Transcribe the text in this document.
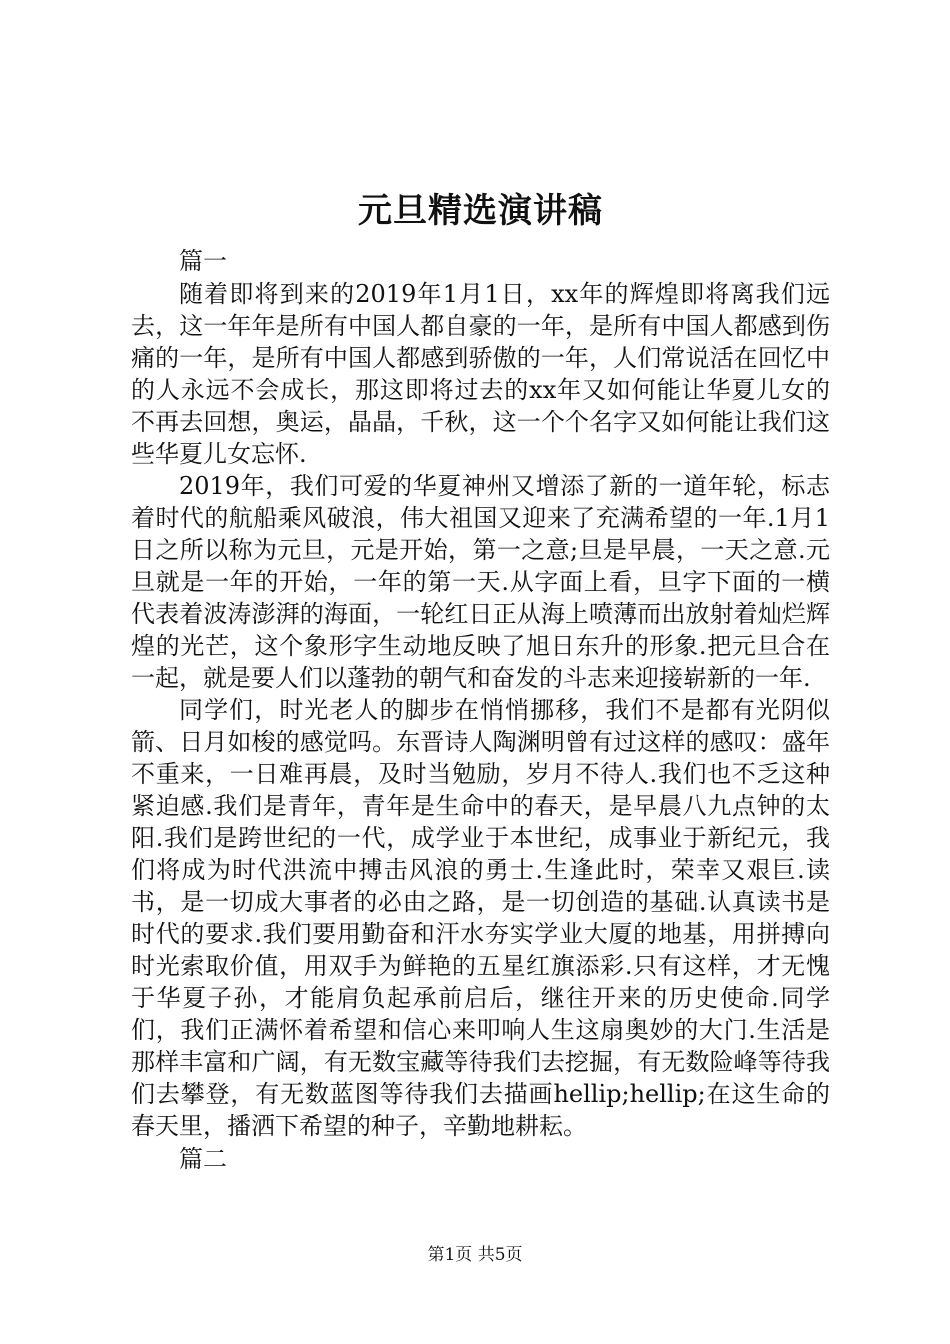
元旦精选演讲稿

篇一

随着即将到来的2019年1月1日，xx年的辉煌即将离我们远去，这一年年是所有中国人都自豪的一年，是所有中国人都感到伤痛的一年，是所有中国人都感到骄傲的一年，人们常说活在回忆中的人永远不会成长，那这即将过去的xx年又如何能让华夏儿女的不再去回想，奥运，晶晶，千秋，这一个个名字又如何能让我们这些华夏儿女忘怀.

2019年，我们可爱的华夏神州又增添了新的一道年轮，标志着时代的航船乘风破浪，伟大祖国又迎来了充满希望的一年.1月1日之所以称为元旦，元是开始，第一之意;旦是早晨，一天之意.元旦就是一年的开始，一年的第一天.从字面上看，旦字下面的一横代表着波涛澎湃的海面，一轮红日正从海上喷薄而出放射着灿烂辉煌的光芒，这个象形字生动地反映了旭日东升的形象.把元旦合在一起，就是要人们以蓬勃的朝气和奋发的斗志来迎接崭新的一年.

同学们，时光老人的脚步在悄悄挪移，我们不是都有光阴似箭、日月如梭的感觉吗。东晋诗人陶渊明曾有过这样的感叹：盛年不重来，一日难再晨，及时当勉励，岁月不待人.我们也不乏这种紧迫感.我们是青年，青年是生命中的春天，是早晨八九点钟的太阳.我们是跨世纪的一代，成学业于本世纪，成事业于新纪元，我们将成为时代洪流中搏击风浪的勇士.生逢此时，荣幸又艰巨.读书，是一切成大事者的必由之路，是一切创造的基础.认真读书是时代的要求.我们要用勤奋和汗水夯实学业大厦的地基，用拼搏向时光索取价值，用双手为鲜艳的五星红旗添彩.只有这样，才无愧于华夏子孙，才能肩负起承前启后，继往开来的历史使命.同学们，我们正满怀着希望和信心来叩响人生这扇奥妙的大门.生活是那样丰富和广阔，有无数宝藏等待我们去挖掘，有无数险峰等待我们去攀登，有无数蓝图等待我们去描画hellip;hellip;在这生命的春天里，播洒下希望的种子，辛勤地耕耘。

篇二

第1页 共5页
